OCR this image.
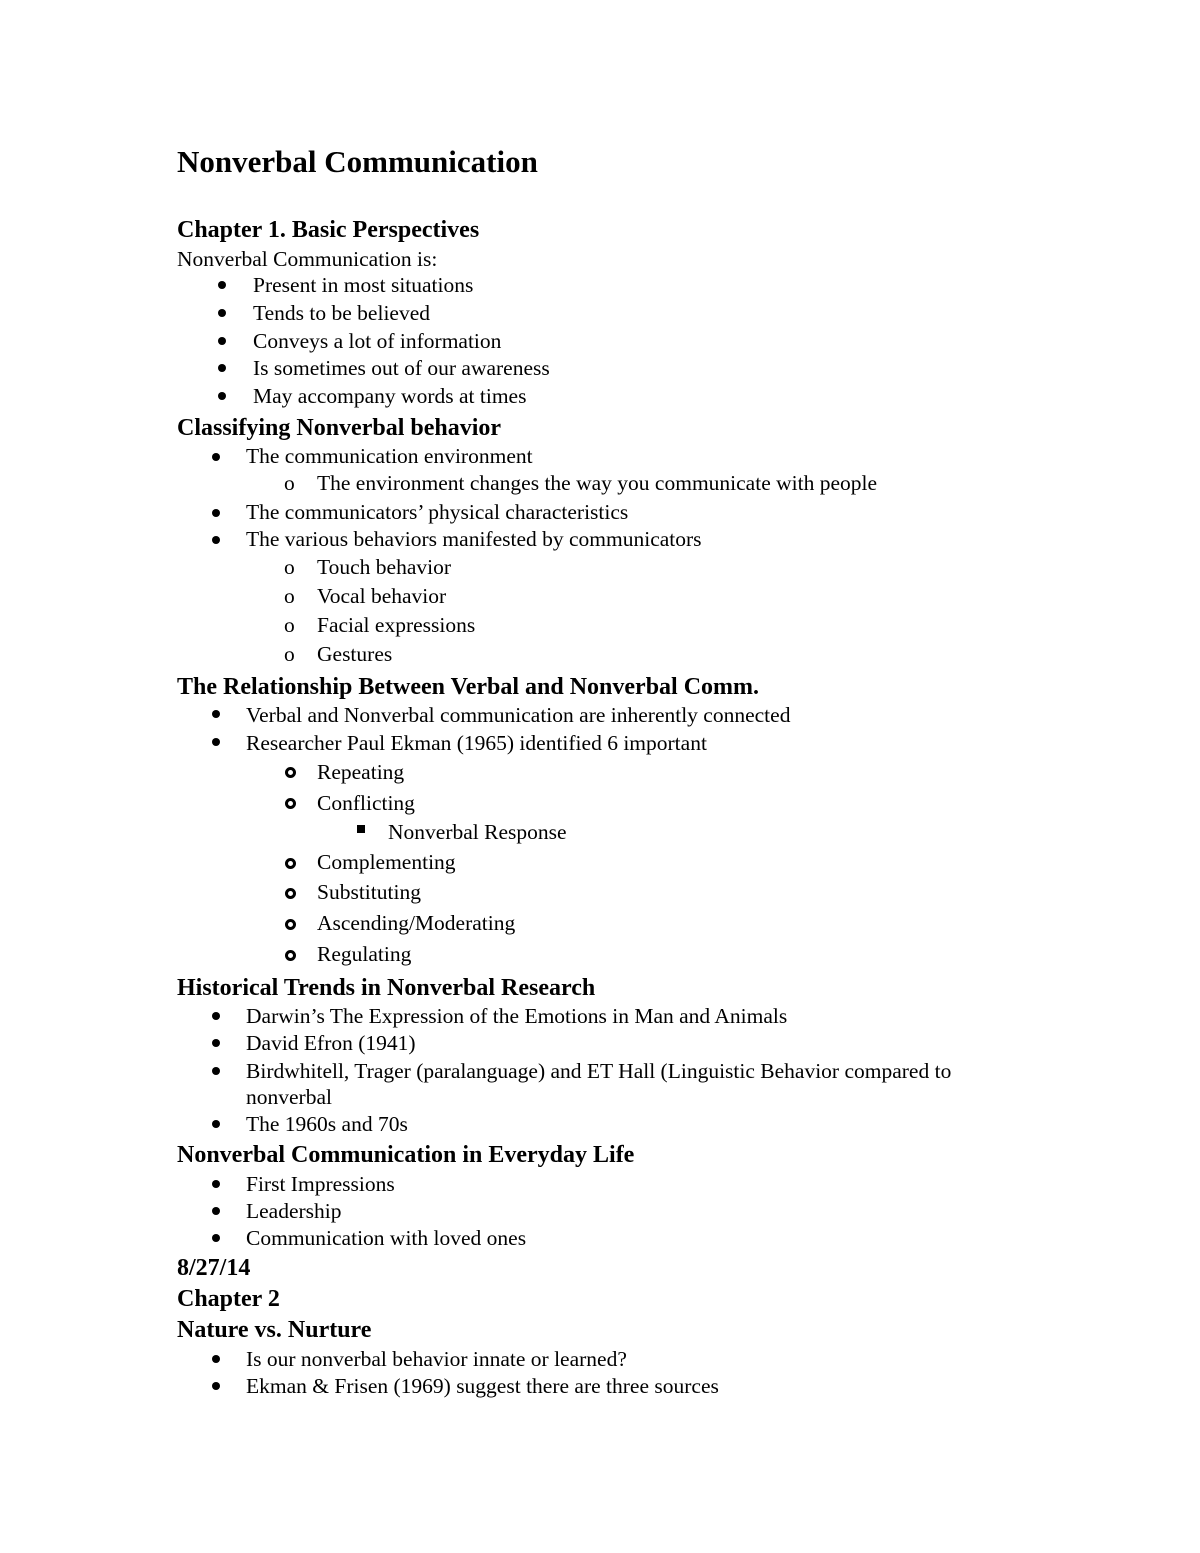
Nonverbal Communication
Chapter 1. Basic Perspectives
Nonverbal Communication is:
Present in most situations
Tends to be believed
Conveys a lot of information
Is sometimes out of our awareness
May accompany words at times
Classifying Nonverbal behavior
The communication environment
o The environment changes the way you communicate with people
The communicators’ physical characteristics
The various behaviors manifested by communicators
o Touch behavior
o Vocal behavior
o Facial expressions
o Gestures
The Relationship Between Verbal and Nonverbal Comm.
Verbal and Nonverbal communication are inherently connected
Researcher Paul Ekman (1965) identified 6 important
Repeating
Conflicting
Nonverbal Response
Complementing
Substituting
Ascending/Moderating
Regulating
Historical Trends in Nonverbal Research
Darwin’s The Expression of the Emotions in Man and Animals
David Efron (1941)
Birdwhitell, Trager (paralanguage) and ET Hall (Linguistic Behavior compared to
nonverbal
The 1960s and 70s
Nonverbal Communication in Everyday Life
First Impressions
Leadership
Communication with loved ones
8/27/14
Chapter 2
Nature vs. Nurture
Is our nonverbal behavior innate or learned?
Ekman & Frisen (1969) suggest there are three sources
